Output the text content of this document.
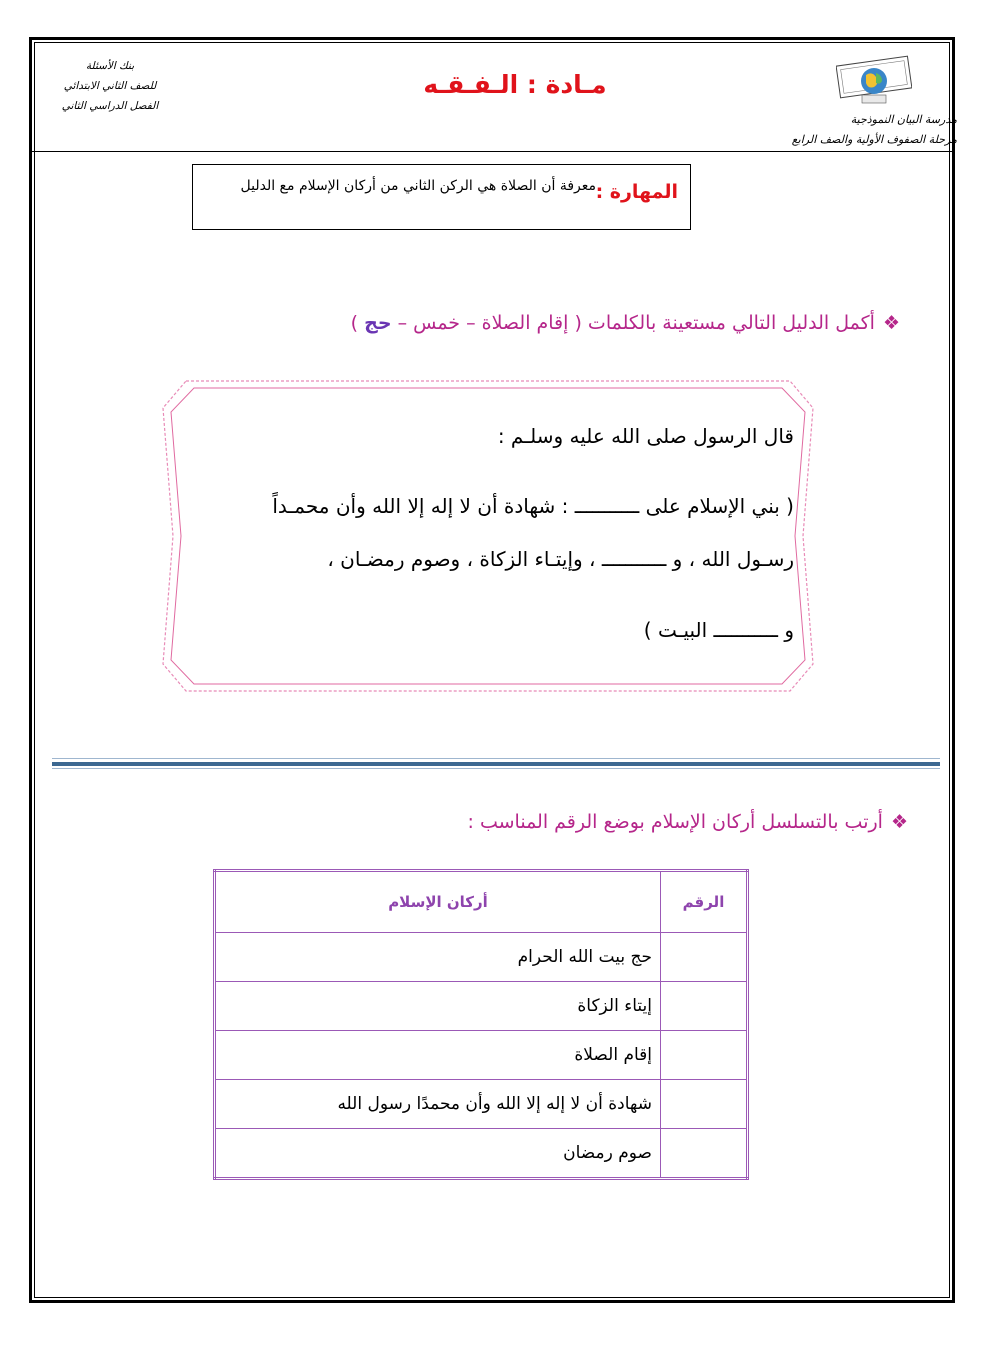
بنك الأسئلة
للصف الثاني الابتدائي
الفصل الدراسي الثاني
مـادة : الـفـقـه
مدرسة البيان النموذجية
مرحلة الصفوف الأولية والصف الرابع
المهارة :
معرفة أن الصلاة هي الركن الثاني من أركان الإسلام مع الدليل
❖أكمل الدليل التالي مستعينة بالكلمات ( إقام الصلاة – خمس – حج )
قال الرسول صلى الله عليه وسلـم :
( بني الإسلام على ـــــــــــ : شهادة أن لا إله إلا الله وأن محمـداً
رسـول الله ، و ـــــــــــ ، وإيتـاء الزكاة ، وصوم رمضـان ،
و ـــــــــــ البيـت )
❖أرتب بالتسلسل أركان الإسلام بوضع الرقم المناسب :
الرقم	أركان الإسلام
	حج بيت الله الحرام
	إيتاء الزكاة
	إقام الصلاة
	شهادة أن لا إله إلا الله وأن محمدًا رسول الله
	صوم رمضان
